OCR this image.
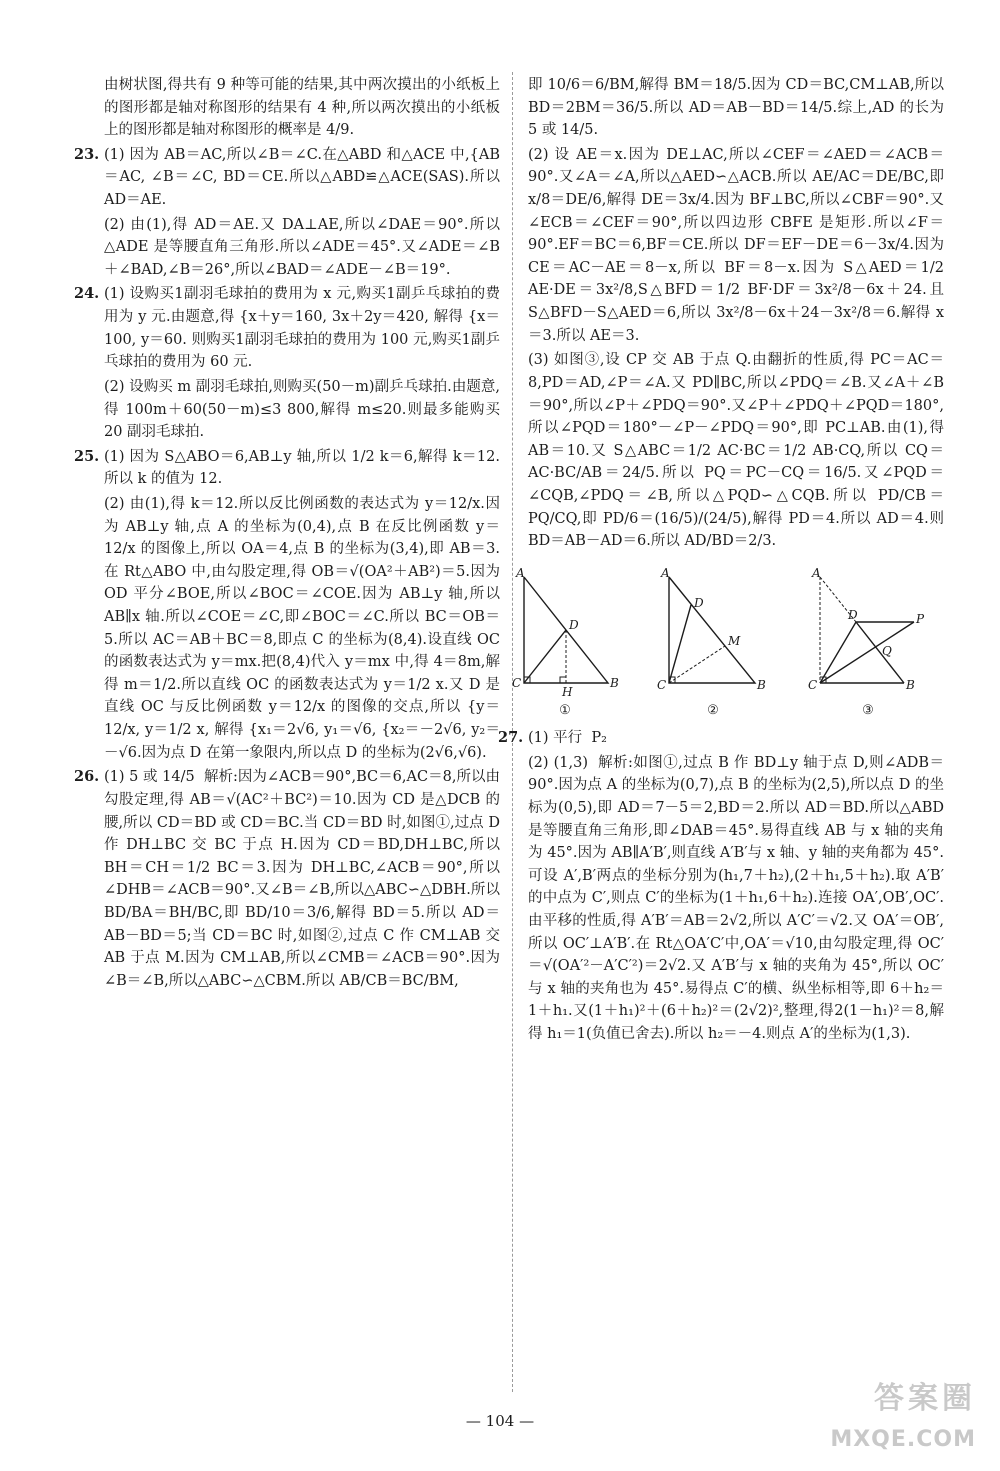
由树状图,得共有 9 种等可能的结果,其中两次摸出的小纸板上的图形都是轴对称图形的结果有 4 种,所以两次摸出的小纸板上的图形都是轴对称图形的概率是 4/9.

23. (1) 因为 AB＝AC,所以∠B＝∠C.在△ABD 和△ACE 中,{AB＝AC, ∠B＝∠C, BD＝CE.所以△ABD≌△ACE(SAS).所以 AD＝AE.

(2) 由(1),得 AD＝AE.又 DA⊥AE,所以∠DAE＝90°.所以△ADE 是等腰直角三角形.所以∠ADE＝45°.又∠ADE＝∠B＋∠BAD,∠B＝26°,所以∠BAD＝∠ADE－∠B＝19°.

24. (1) 设购买1副羽毛球拍的费用为 x 元,购买1副乒乓球拍的费用为 y 元.由题意,得 {x＋y＝160, 3x＋2y＝420, 解得 {x＝100, y＝60. 则购买1副羽毛球拍的费用为 100 元,购买1副乒乓球拍的费用为 60 元.

(2) 设购买 m 副羽毛球拍,则购买(50－m)副乒乓球拍.由题意,得 100m＋60(50－m)≤3 800,解得 m≤20.则最多能购买 20 副羽毛球拍.

25. (1) 因为 S△ABO＝6,AB⊥y 轴,所以 1/2 k＝6,解得 k＝12.所以 k 的值为 12.

(2) 由(1),得 k＝12.所以反比例函数的表达式为 y＝12/x.因为 AB⊥y 轴,点 A 的坐标为(0,4),点 B 在反比例函数 y＝12/x 的图像上,所以 OA＝4,点 B 的坐标为(3,4),即 AB＝3.在 Rt△ABO 中,由勾股定理,得 OB＝√(OA²＋AB²)＝5.因为 OD 平分∠BOE,所以∠BOC＝∠COE.因为 AB⊥y 轴,所以 AB∥x 轴.所以∠COE＝∠C,即∠BOC＝∠C.所以 BC＝OB＝5.所以 AC＝AB＋BC＝8,即点 C 的坐标为(8,4).设直线 OC 的函数表达式为 y＝mx.把(8,4)代入 y＝mx 中,得 4＝8m,解得 m＝1/2.所以直线 OC 的函数表达式为 y＝1/2 x.又 D 是直线 OC 与反比例函数 y＝12/x 的图像的交点,所以 {y＝12/x, y＝1/2 x, 解得 {x₁＝2√6, y₁＝√6, {x₂＝－2√6, y₂＝－√6.因为点 D 在第一象限内,所以点 D 的坐标为(2√6,√6).

26. (1) 5 或 14/5  解析:因为∠ACB＝90°,BC＝6,AC＝8,所以由勾股定理,得 AB＝√(AC²＋BC²)＝10.因为 CD 是△DCB 的腰,所以 CD＝BD 或 CD＝BC.当 CD＝BD 时,如图①,过点 D 作 DH⊥BC 交 BC 于点 H.因为 CD＝BD,DH⊥BC,所以 BH＝CH＝1/2 BC＝3.因为 DH⊥BC,∠ACB＝90°,所以∠DHB＝∠ACB＝90°.又∠B＝∠B,所以△ABC∽△DBH.所以 BD/BA＝BH/BC,即 BD/10＝3/6,解得 BD＝5.所以 AD＝AB－BD＝5;当 CD＝BC 时,如图②,过点 C 作 CM⊥AB 交 AB 于点 M.因为 CM⊥AB,所以∠CMB＝∠ACB＝90°.因为∠B＝∠B,所以△ABC∽△CBM.所以 AB/CB＝BC/BM,

即 10/6＝6/BM,解得 BM＝18/5.因为 CD＝BC,CM⊥AB,所以 BD＝2BM＝36/5.所以 AD＝AB－BD＝14/5.综上,AD 的长为 5 或 14/5.

(2) 设 AE＝x.因为 DE⊥AC,所以∠CEF＝∠AED＝∠ACB＝90°.又∠A＝∠A,所以△AED∽△ACB.所以 AE/AC＝DE/BC,即 x/8＝DE/6,解得 DE＝3x/4.因为 BF⊥BC,所以∠CBF＝90°.又∠ECB＝∠CEF＝90°,所以四边形 CBFE 是矩形.所以∠F＝90°.EF＝BC＝6,BF＝CE.所以 DF＝EF－DE＝6－3x/4.因为 CE＝AC－AE＝8－x,所以 BF＝8－x.因为 S△AED＝1/2 AE·DE＝3x²/8,S△BFD＝1/2 BF·DF＝3x²/8－6x＋24.且 S△BFD－S△AED＝6,所以 3x²/8－6x＋24－3x²/8＝6.解得 x＝3.所以 AE＝3.

(3) 如图③,设 CP 交 AB 于点 Q.由翻折的性质,得 PC＝AC＝8,PD＝AD,∠P＝∠A.又 PD∥BC,所以∠PDQ＝∠B.又∠A＋∠B＝90°,所以∠P＋∠PDQ＝90°.又∠P＋∠PDQ＋∠PQD＝180°,所以∠PQD＝180°－∠P－∠PDQ＝90°,即 PC⊥AB.由(1),得 AB＝10.又 S△ABC＝1/2 AC·BC＝1/2 AB·CQ,所以 CQ＝AC·BC/AB＝24/5.所以 PQ＝PC－CQ＝16/5.又∠PQD＝∠CQB,∠PDQ＝∠B,所以△PQD∽△CQB.所以 PD/CB＝PQ/CQ,即 PD/6＝(16/5)/(24/5),解得 PD＝4.所以 AD＝4.则 BD＝AB－AD＝6.所以 AD/BD＝2/3.

A
D
C
H
B
①
A
D
M
C	B
②
A
D	P
Q
C	B
③
27. (1) 平行  P₂

(2) (1,3)  解析:如图①,过点 B 作 BD⊥y 轴于点 D,则∠ADB＝90°.因为点 A 的坐标为(0,7),点 B 的坐标为(2,5),所以点 D 的坐标为(0,5),即 AD＝7－5＝2,BD＝2.所以 AD＝BD.所以△ABD 是等腰直角三角形,即∠DAB＝45°.易得直线 AB 与 x 轴的夹角为 45°.因为 AB∥A′B′,则直线 A′B′与 x 轴、y 轴的夹角都为 45°.可设 A′,B′两点的坐标分别为(h₁,7＋h₂),(2＋h₁,5＋h₂).取 A′B′的中点为 C′,则点 C′的坐标为(1＋h₁,6＋h₂).连接 OA′,OB′,OC′.由平移的性质,得 A′B′＝AB＝2√2,所以 A′C′＝√2.又 OA′＝OB′,所以 OC′⊥A′B′.在 Rt△OA′C′中,OA′＝√10,由勾股定理,得 OC′＝√(OA′²－A′C′²)＝2√2.又 A′B′与 x 轴的夹角为 45°,所以 OC′与 x 轴的夹角也为 45°.易得点 C′的横、纵坐标相等,即 6＋h₂＝1＋h₁.又(1＋h₁)²＋(6＋h₂)²＝(2√2)²,整理,得2(1－h₁)²＝8,解得 h₁＝1(负值已舍去).所以 h₂＝－4.则点 A′的坐标为(1,3).

— 104 —
答案圈
MXQE.COM
